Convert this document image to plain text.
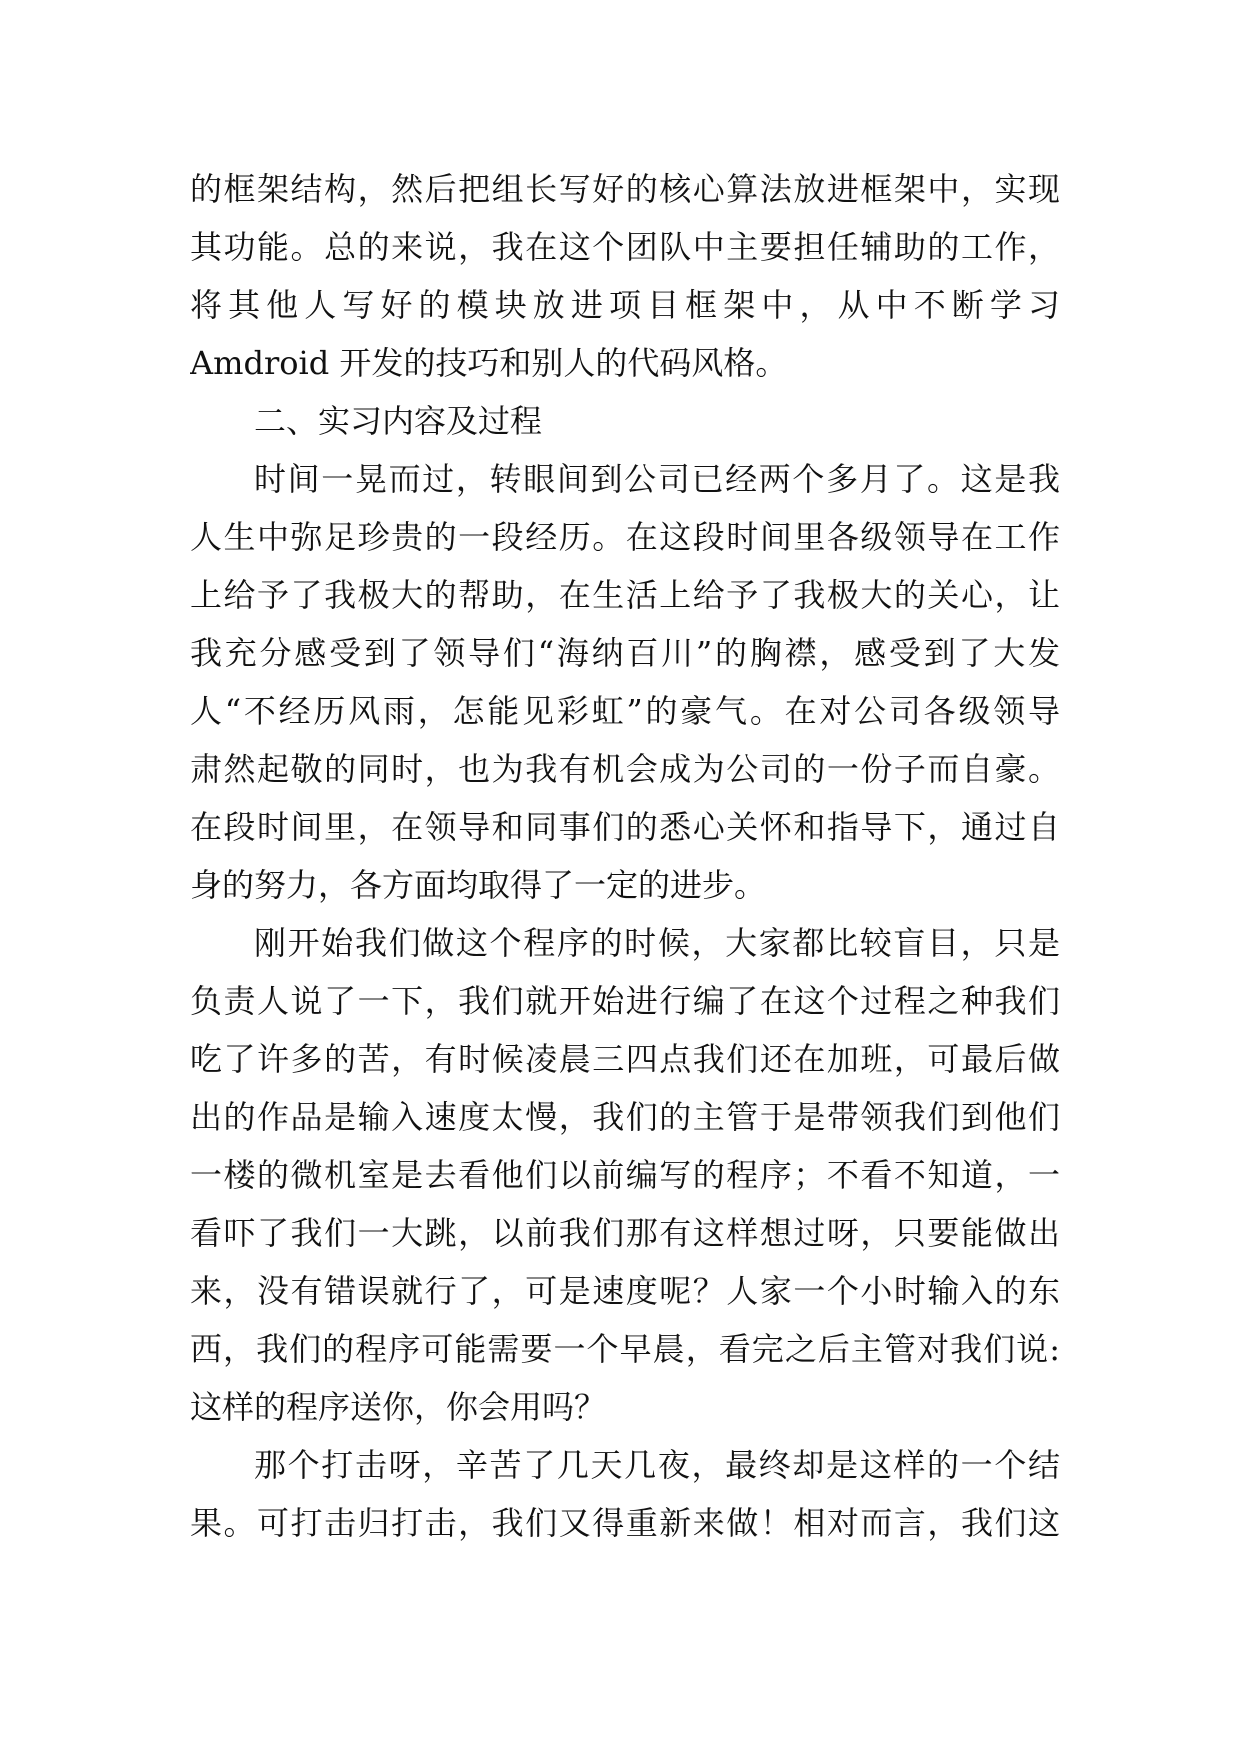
的框架结构，然后把组长写好的核心算法放进框架中，实现
其功能。总的来说，我在这个团队中主要担任辅助的工作，
将其他人写好的模块放进项目框架中，从中不断学习
Amdroid 开发的技巧和别人的代码风格。
二、实习内容及过程
时间一晃而过，转眼间到公司已经两个多月了。这是我
人生中弥足珍贵的一段经历。在这段时间里各级领导在工作
上给予了我极大的帮助，在生活上给予了我极大的关心，让
我充分感受到了领导们“海纳百川”的胸襟，感受到了大发
人“不经历风雨，怎能见彩虹”的豪气。在对公司各级领导
肃然起敬的同时，也为我有机会成为公司的一份子而自豪。
在段时间里，在领导和同事们的悉心关怀和指导下，通过自
身的努力，各方面均取得了一定的进步。
刚开始我们做这个程序的时候，大家都比较盲目，只是
负责人说了一下，我们就开始进行编了在这个过程之种我们
吃了许多的苦，有时候凌晨三四点我们还在加班，可最后做
出的作品是输入速度太慢，我们的主管于是带领我们到他们
一楼的微机室是去看他们以前编写的程序；不看不知道，一
看吓了我们一大跳，以前我们那有这样想过呀，只要能做出
来，没有错误就行了，可是速度呢？人家一个小时输入的东
西，我们的程序可能需要一个早晨，看完之后主管对我们说:
这样的程序送你，你会用吗？
那个打击呀，辛苦了几天几夜，最终却是这样的一个结
果。可打击归打击，我们又得重新来做！相对而言，我们这
